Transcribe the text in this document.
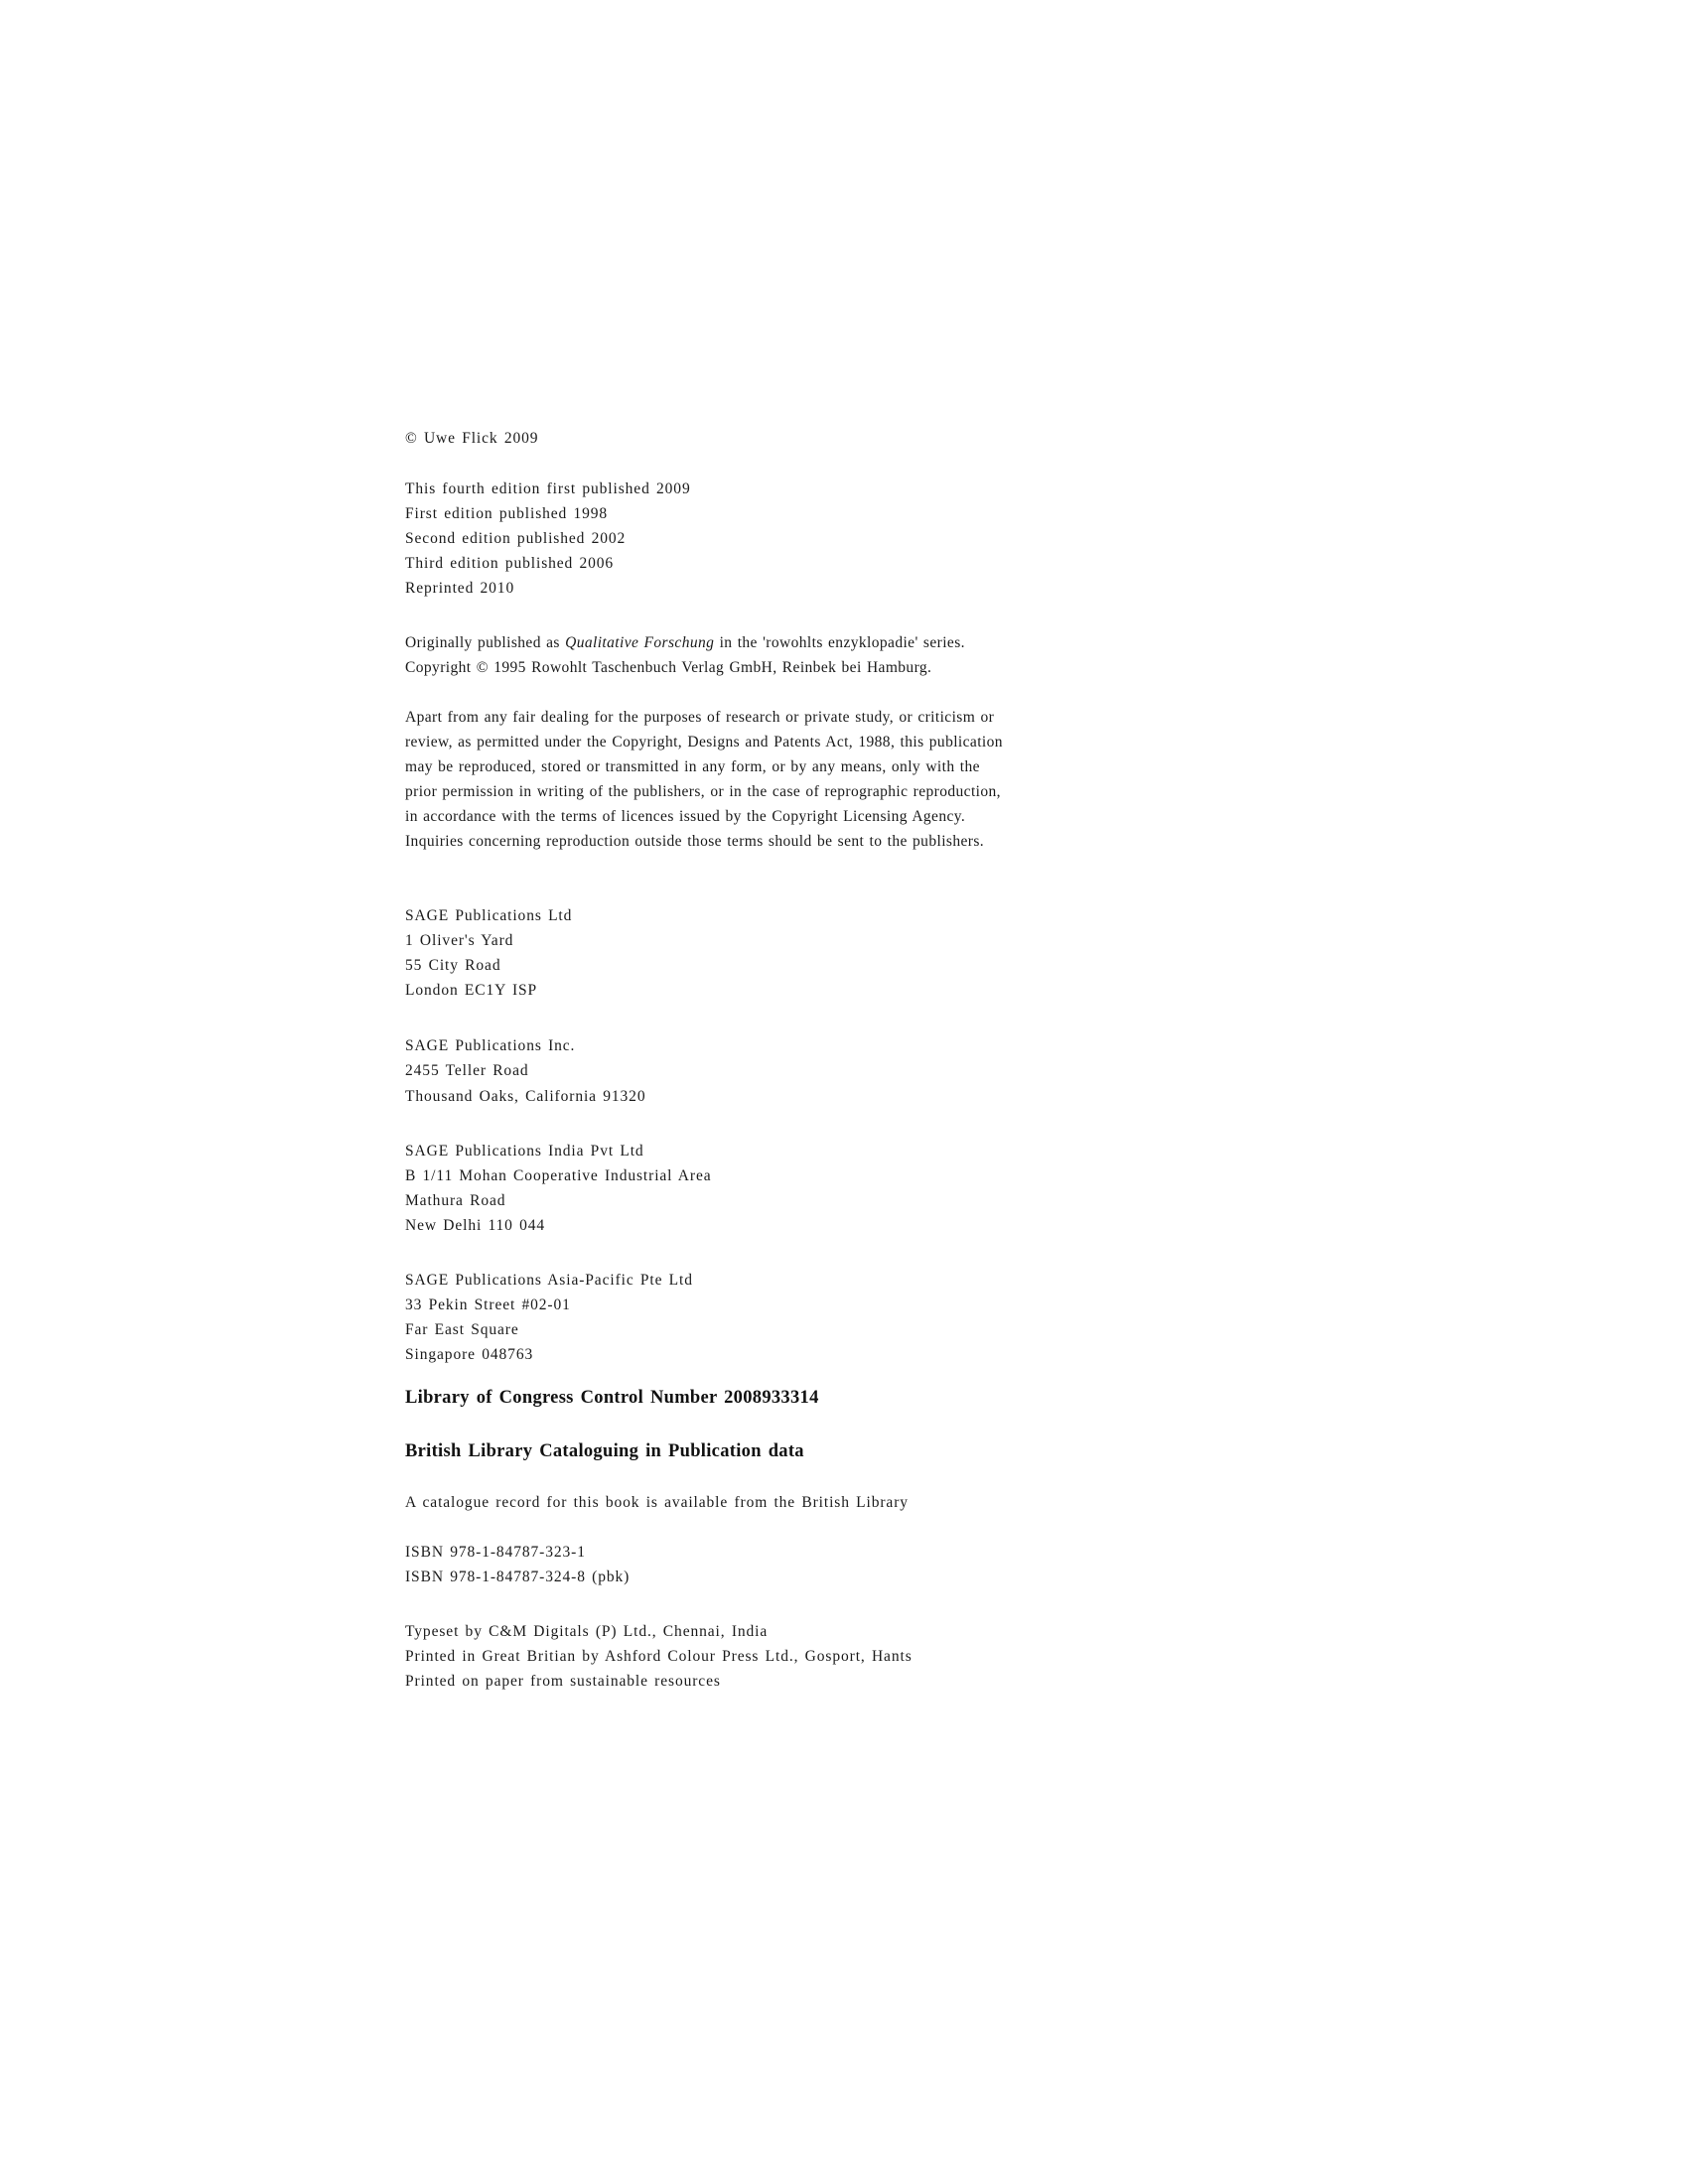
© Uwe Flick 2009
This fourth edition first published 2009
First edition published 1998
Second edition published 2002
Third edition published 2006
Reprinted 2010
Originally published as Qualitative Forschung in the 'rowohlts enzyklopadie' series.
Copyright © 1995 Rowohlt Taschenbuch Verlag GmbH, Reinbek bei Hamburg.
Apart from any fair dealing for the purposes of research or private study, or criticism or
review, as permitted under the Copyright, Designs and Patents Act, 1988, this publication
may be reproduced, stored or transmitted in any form, or by any means, only with the
prior permission in writing of the publishers, or in the case of reprographic reproduction,
in accordance with the terms of licences issued by the Copyright Licensing Agency.
Inquiries concerning reproduction outside those terms should be sent to the publishers.
SAGE Publications Ltd
1 Oliver's Yard
55 City Road
London EC1Y ISP
SAGE Publications Inc.
2455 Teller Road
Thousand Oaks, California 91320
SAGE Publications India Pvt Ltd
B 1/11 Mohan Cooperative Industrial Area
Mathura Road
New Delhi 110 044
SAGE Publications Asia-Pacific Pte Ltd
33 Pekin Street #02-01
Far East Square
Singapore 048763
Library of Congress Control Number 2008933314
British Library Cataloguing in Publication data
A catalogue record for this book is available from the British Library
ISBN 978-1-84787-323-1
ISBN 978-1-84787-324-8 (pbk)
Typeset by C&M Digitals (P) Ltd., Chennai, India
Printed in Great Britian by Ashford Colour Press Ltd., Gosport, Hants
Printed on paper from sustainable resources
